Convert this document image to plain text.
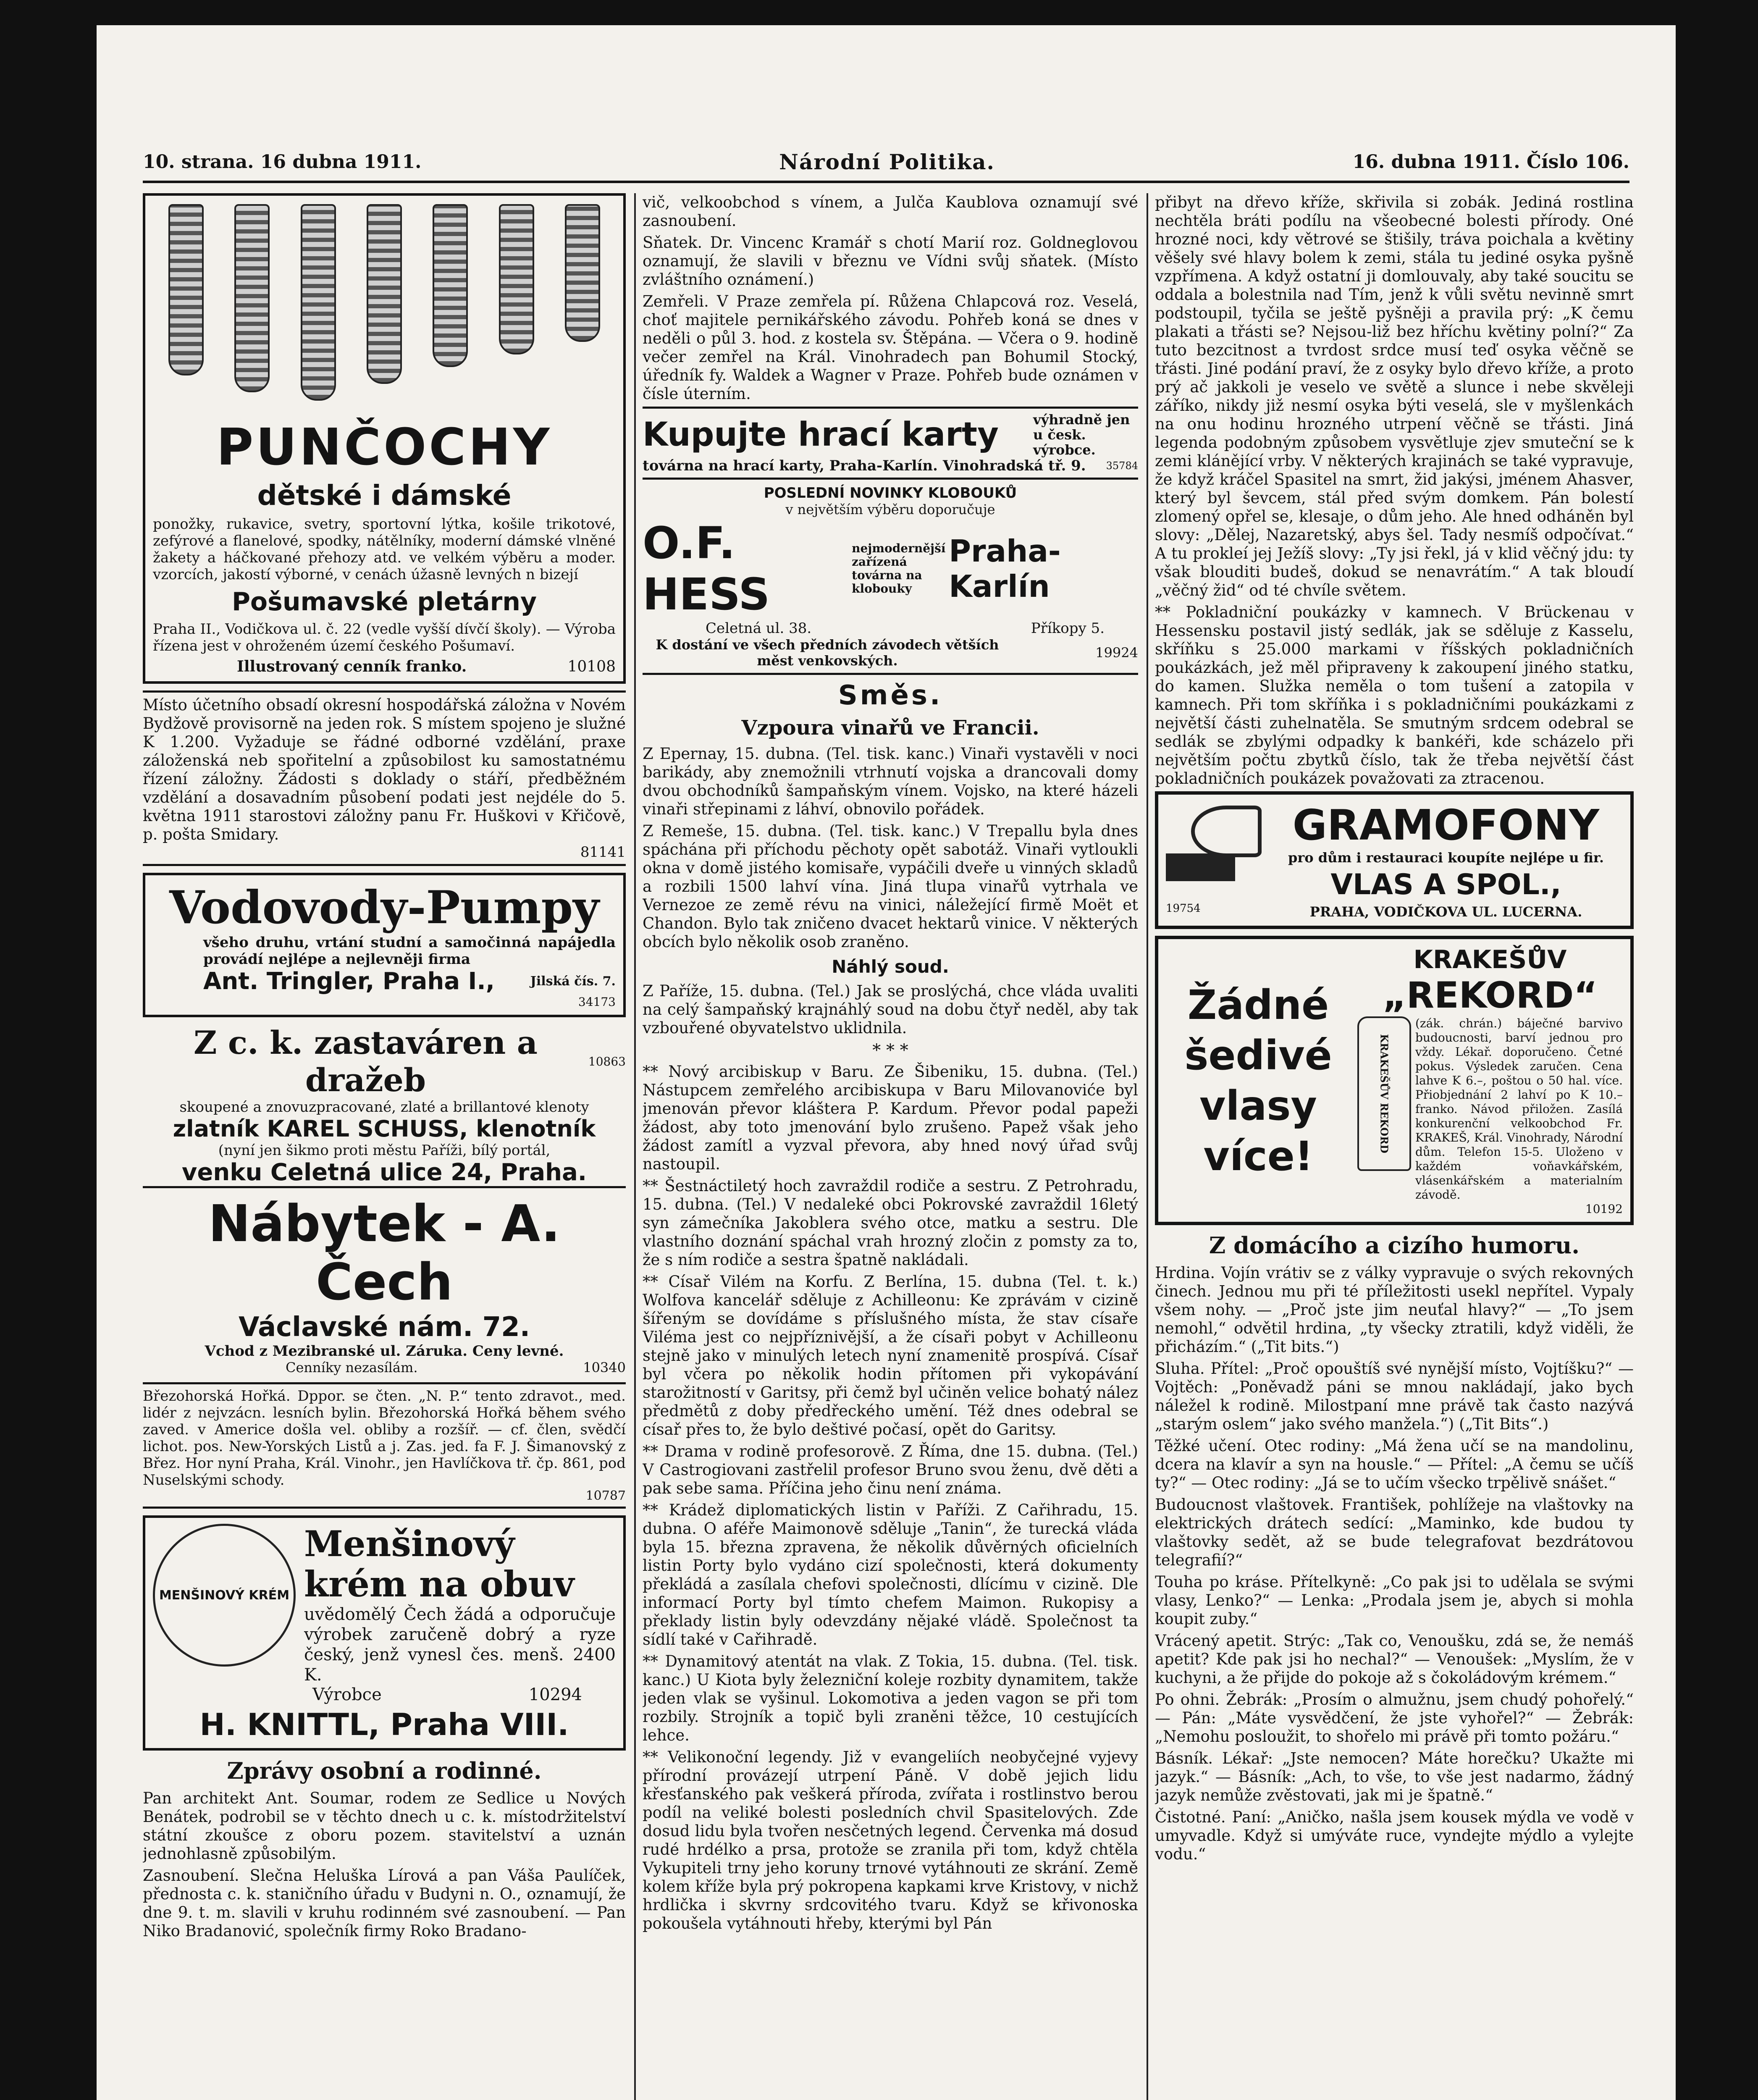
10. strana. 16 dubna 1911.	Národní Politika.	16. dubna 1911. Číslo 106.
PUNČOCHY
dětské i dámské
ponožky, rukavice, svetry, sportovní lýtka, košile trikotové, zefýrové a flanelové, spodky, nátělníky, moderní dámské vlněné žakety a háčkované přehozy atd. ve velkém výběru a moder. vzorcích, jakostí výborné, v cenách úžasně levných n bizejí
Pošumavské pletárny
Praha II., Vodičkova ul. č. 22 (vedle vyšší dívčí školy). — Výroba řízena jest v ohroženém území českého Pošumaví.
Illustrovaný cenník franko.	10108

Místo účetního obsadí okresní hospodářská záložna v Novém Bydžově provisorně na jeden rok. S místem spojeno je služné K 1.200. Vyžaduje se řádné odborné vzdělání, praxe záloženská neb spořitelní a způsobilost ku samostatnému řízení záložny. Žádosti s doklady o stáří, předběžném vzdělání a dosavadním působení podati jest nejdéle do 5. května 1911 starostovi záložny panu Fr. Huškovi v Křičově, p. pošta Smidary.

81141
Vodovody-Pumpy
všeho druhu, vrtání studní a samočinná napájedla provádí nejlépe a nejlevněji firma
Ant. Tringler, Praha I.,	Jilská čís. 7.
34173
Z c. k. zastaváren a dražeb	10863
skoupené a znovuzpracované, zlaté a brillantové klenoty
zlatník KAREL SCHUSS, klenotník
(nyní jen šikmo proti městu Paříži, bílý portál,
venku Celetná ulice 24, Praha.
Nábytek - A. Čech
Václavské nám. 72.
Vchod z Mezibranské ul. Záruka. Ceny levné.
Cenníky nezasílám.	10340

Březohorská Hořká. Dppor. se čten. „N. P.“ tento zdravot., med. lidér z nejvzácn. lesních bylin. Březohorská Hořká během svého zaved. v Americe došla vel. obliby a rozšíř. — cf. člen, svědčí lichot. pos. New-Yorských Listů a j. Zas. jed. fa F. J. Šimanovský z Břez. Hor nyní Praha, Král. Vinohr., jen Havlíčkova tř. čp. 861, pod Nuselskými schody.

10787
MENŠINOVÝ KRÉM
Menšinový krém na obuv
uvědomělý Čech žádá a odporučuje výrobek zaručeně dobrý a ryze český, jenž vynesl čes. menš. 2400 K.
Výrobce	10294
H. KNITTL, Praha VIII.
Zprávy osobní a rodinné.

Pan architekt Ant. Soumar, rodem ze Sedlice u Nových Benátek, podrobil se v těchto dnech u c. k. místodržitelství státní zkoušce z oboru pozem. stavitelství a uznán jednohlasně způsobilým.

Zasnoubení. Slečna Heluška Lírová a pan Váša Paulíček, přednosta c. k. staničního úřadu v Budyni n. O., oznamují, že dne 9. t. m. slavili v kruhu rodinném své zasnoubení. — Pan Niko Bradanović, společník firmy Roko Bradano-

vič, velkoobchod s vínem, a Julča Kaublova oznamují své zasnoubení.

Sňatek. Dr. Vincenc Kramář s chotí Marií roz. Goldneglovou oznamují, že slavili v březnu ve Vídni svůj sňatek. (Místo zvláštního oznámení.)

Zemřeli. V Praze zemřela pí. Růžena Chlapcová roz. Veselá, choť majitele pernikářského závodu. Pohřeb koná se dnes v neděli o půl 3. hod. z kostela sv. Štěpána. — Včera o 9. hodině večer zemřel na Král. Vinohradech pan Bohumil Stocký, úředník fy. Waldek a Wagner v Praze. Pohřeb bude oznámen v čísle úterním.

Kupujte hrací karty	výhradně jen u česk. výrobce.
továrna na hrací karty, Praha-Karlín. Vinohradská tř. 9. 35784
POSLEDNÍ NOVINKY KLOBOUKŮ
v největším výběru doporučuje
O.F. HESS
nejmodernější zařízená továrna na klobouky
Praha-Karlín
Celetná ul. 38.	Příkopy 5.
K dostání ve všech předních závodech větších měst venkovských.	19924
Směs.
Vzpoura vinařů ve Francii.

Z Epernay, 15. dubna. (Tel. tisk. kanc.) Vinaři vystavěli v noci barikády, aby znemožnili vtrhnutí vojska a drancovali domy dvou obchodníků šampaňským vínem. Vojsko, na které házeli vinaři střepinami z láhví, obnovilo pořádek.

Z Remeše, 15. dubna. (Tel. tisk. kanc.) V Trepallu byla dnes spáchána při příchodu pěchoty opět sabotáž. Vinaři vytloukli okna v domě jistého komisaře, vypáčili dveře u vinných skladů a rozbili 1500 lahví vína. Jiná tlupa vinařů vytrhala ve Vernezoe ze země révu na vinici, náležející firmě Moët et Chandon. Bylo tak zničeno dvacet hektarů vinice. V některých obcích bylo několik osob zraněno.

Náhlý soud.

Z Paříže, 15. dubna. (Tel.) Jak se proslýchá, chce vláda uvaliti na celý šampaňský krajnáhlý soud na dobu čtyř neděl, aby tak vzbouřené obyvatelstvo uklidnila.

* * *

** Nový arcibiskup v Baru. Ze Šibeniku, 15. dubna. (Tel.) Nástupcem zemřelého arcibiskupa v Baru Milovanoviće byl jmenován převor kláštera P. Kardum. Převor podal papeži žádost, aby toto jmenování bylo zrušeno. Papež však jeho žádost zamítl a vyzval převora, aby hned nový úřad svůj nastoupil.

** Šestnáctiletý hoch zavraždil rodiče a sestru. Z Petrohradu, 15. dubna. (Tel.) V nedaleké obci Pokrovské zavraždil 16letý syn zámečníka Jakoblera svého otce, matku a sestru. Dle vlastního doznání spáchal vrah hrozný zločin z pomsty za to, že s ním rodiče a sestra špatně nakládali.

** Císař Vilém na Korfu. Z Berlína, 15. dubna (Tel. t. k.) Wolfova kancelář sděluje z Achilleonu: Ke zprávám v cizině šířeným se dovídáme s příslušného místa, že stav císaře Viléma jest co nejpříznivější, a že císaři pobyt v Achilleonu stejně jako v minulých letech nyní znamenitě prospívá. Císař byl včera po několik hodin přítomen při vykopávání starožitností v Garitsy, při čemž byl učiněn velice bohatý nález předmětů z doby předřeckého umění. Též dnes odebral se císař přes to, že bylo deštivé počasí, opět do Garitsy.

** Drama v rodině profesorově. Z Říma, dne 15. dubna. (Tel.) V Castrogiovani zastřelil profesor Bruno svou ženu, dvě děti a pak sebe sama. Příčina jeho činu není známa.

** Krádež diplomatických listin v Paříži. Z Cařihradu, 15. dubna. O aféře Maimonově sděluje „Tanin“, že turecká vláda byla 15. března zpravena, že několik důvěrných oficielních listin Porty bylo vydáno cizí společnosti, která dokumenty překládá a zasílala chefovi společnosti, dlícímu v cizině. Dle informací Porty byl tímto chefem Maimon. Rukopisy a překlady listin byly odevzdány nějaké vládě. Společnost ta sídlí také v Cařihradě.

** Dynamitový atentát na vlak. Z Tokia, 15. dubna. (Tel. tisk. kanc.) U Kiota byly železniční koleje rozbity dynamitem, takže jeden vlak se vyšinul. Lokomotiva a jeden vagon se při tom rozbily. Strojník a topič byli zraněni těžce, 10 cestujících lehce.

** Velikonoční legendy. Již v evangeliích neobyčejné vyjevy přírodní provázejí utrpení Páně. V době jejich lidu křesťanského pak veškerá příroda, zvířata i rostlinstvo berou podíl na veliké bolesti posledních chvil Spasitelových. Zde dosud lidu byla tvořen nesčetných legend. Červenka má dosud rudé hrdélko a prsa, protože se zranila při tom, když chtěla Vykupiteli trny jeho koruny trnové vytáhnouti ze skrání. Země kolem kříže byla prý pokropena kapkami krve Kristovy, v nichž hrdlička i skvrny srdcovitého tvaru. Když se křivonoska pokoušela vytáhnouti hřeby, kterými byl Pán

přibyt na dřevo kříže, skřivila si zobák. Jediná rostlina nechtěla bráti podílu na všeobecné bolesti přírody. Oné hrozné noci, kdy větrové se štišily, tráva poichala a květiny věšely své hlavy bolem k zemi, stála tu jediné osyka pyšně vzpřímena. A když ostatní ji domlouvaly, aby také soucitu se oddala a bolestnila nad Tím, jenž k vůli světu nevinně smrt podstoupil, tyčila se ještě pyšněji a pravila prý: „K čemu plakati a třásti se? Nejsou-liž bez hříchu květiny polní?“ Za tuto bezcitnost a tvrdost srdce musí teď osyka věčně se třásti. Jiné podání praví, že z osyky bylo dřevo kříže, a proto prý ač jakkoli je veselo ve světě a slunce i nebe skvěleji záříko, nikdy již nesmí osyka býti veselá, sle v myšlenkách na onu hodinu hrozného utrpení věčně se třásti. Jiná legenda podobným způsobem vysvětluje zjev smuteční se k zemi klánějící vrby. V některých krajinách se také vypravuje, že když kráčel Spasitel na smrt, žid jakýsi, jménem Ahasver, který byl ševcem, stál před svým domkem. Pán bolestí zlomený opřel se, klesaje, o dům jeho. Ale hned odháněn byl slovy: „Dělej, Nazaretský, abys šel. Tady nesmíš odpočívat.“ A tu prokleí jej Ježíš slovy: „Ty jsi řekl, já v klid věčný jdu: ty však blouditi budeš, dokud se nenavrátím.“ A tak bloudí „věčný žid“ od té chvíle světem.

** Pokladniční poukázky v kamnech. V Brückenau v Hessensku postavil jistý sedlák, jak se sděluje z Kasselu, skříňku s 25.000 markami v říšských pokladničních poukázkách, jež měl připraveny k zakoupení jiného statku, do kamen. Služka neměla o tom tušení a zatopila v kamnech. Při tom skříňka i s pokladničními poukázkami z největší části zuhelnatěla. Se smutným srdcem odebral se sedlák se zbylými odpadky k bankéři, kde scházelo při největším počtu zbytků číslo, tak že třeba největší část pokladničních poukázek považovati za ztracenou.

19754
GRAMOFONY
pro dům i restauraci koupíte nejlépe u fir.
VLAS A SPOL.,
PRAHA, VODIČKOVA UL. LUCERNA.
Žádné šedivé vlasy více!
KRAKEŠŮV
„REKORD“
KRAKEŠŮV REKORD
(zák. chrán.) báječné barvivo budoucnosti, barví jednou pro vždy. Lékař. doporučeno. Četné pokus. Výsledek zaručen. Cena lahve K 6.–, poštou o 50 hal. více. Přiobjednání 2 lahví po K 10.– franko. Návod přiložen. Zasílá konkurenční velkoobchod Fr. KRAKEŠ, Král. Vinohrady, Národní dům. Telefon 15-5. Uloženo v každém voňavkářském, vlásenkářském a materialním závodě.
10192
Z domácího a cizího humoru.

Hrdina. Vojín vrátiv se z války vypravuje o svých rekovných činech. Jednou mu při té příležitosti usekl nepřítel. Vypaly všem nohy. — „Proč jste jim neuťal hlavy?“ — „To jsem nemohl,“ odvětil hrdina, „ty všecky ztratili, když viděli, že přicházím.“ („Tit bits.“)

Sluha. Přítel: „Proč opouštíš své nynější místo, Vojtíšku?“ — Vojtěch: „Poněvadž páni se mnou nakládají, jako bych náležel k rodině. Milostpaní mne právě tak často nazývá „starým oslem“ jako svého manžela.“) („Tit Bits“.)

Těžké učení. Otec rodiny: „Má žena učí se na mandolinu, dcera na klavír a syn na housle.“ — Přítel: „A čemu se učíš ty?“ — Otec rodiny: „Já se to učím všecko trpělivě snášet.“

Budoucnost vlaštovek. František, pohlížeje na vlaštovky na elektrických drátech sedící: „Maminko, kde budou ty vlaštovky sedět, až se bude telegrafovat bezdrátovou telegrafií?“

Touha po kráse. Přítelkyně: „Co pak jsi to udělala se svými vlasy, Lenko?“ — Lenka: „Prodala jsem je, abych si mohla koupit zuby.“

Vrácený apetit. Strýc: „Tak co, Venoušku, zdá se, že nemáš apetit? Kde pak jsi ho nechal?“ — Venoušek: „Myslím, že v kuchyni, a že přijde do pokoje až s čokoládovým krémem.“

Po ohni. Žebrák: „Prosím o almužnu, jsem chudý pohořelý.“ — Pán: „Máte vysvědčení, že jste vyhořel?“ — Žebrák: „Nemohu posloužit, to shořelo mi právě při tomto požáru.“

Básník. Lékař: „Jste nemocen? Máte horečku? Ukažte mi jazyk.“ — Básník: „Ach, to vše, to vše jest nadarmo, žádný jazyk nemůže zvěstovati, jak mi je špatně.“

Čistotné. Paní: „Aničko, našla jsem kousek mýdla ve vodě v umyvadle. Když si umýváte ruce, vyndejte mýdlo a vylejte vodu.“
